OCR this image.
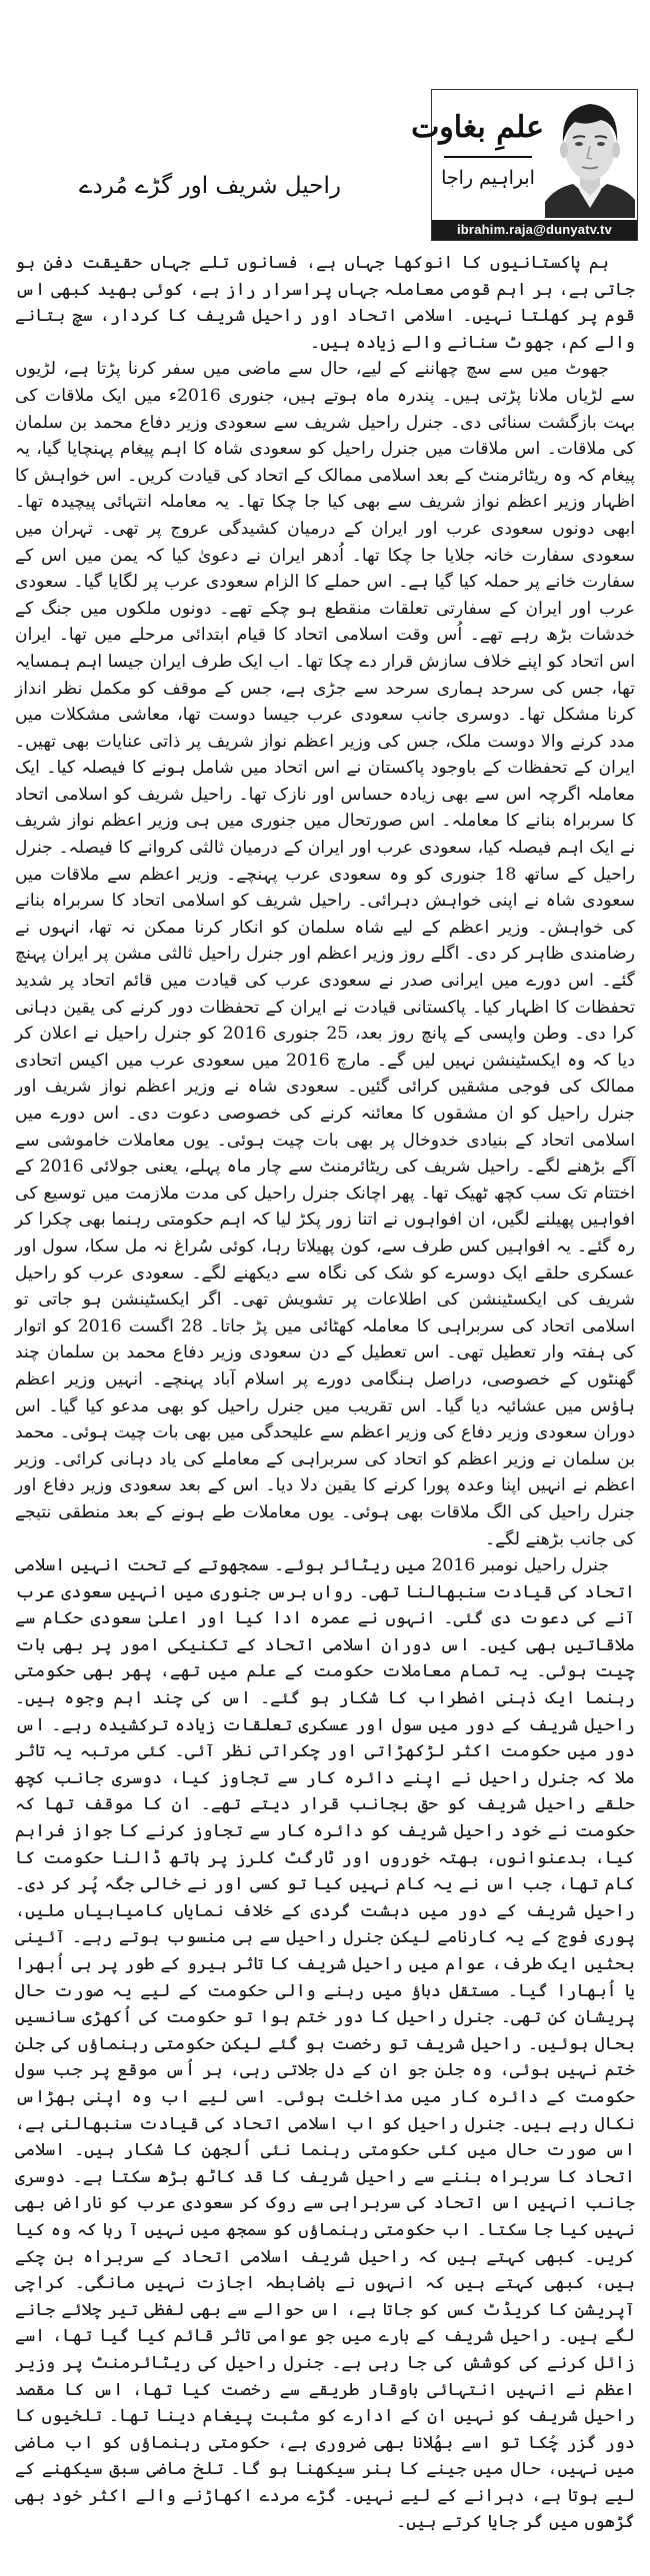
علمِ بغاوت
ابراہیم راجا
ibrahim.raja@dunyatv.tv
راحیل شریف اور گڑے مُردے

ہم پاکستانیوں کا انوکھا جہاں ہے، فسانوں تلے جہاں حقیقت دفن ہو جاتی ہے، ہر اہم قومی معاملہ جہاں پراسرار راز ہے، کوئی بھید کبھی اس قوم پر کھلتا نہیں۔ اسلامی اتحاد اور راحیل شریف کا کردار، سچ بتانے والے کم، جھوٹ سنانے والے زیادہ ہیں۔

جھوٹ میں سے سچ چھاننے کے لیے، حال سے ماضی میں سفر کرنا پڑتا ہے، لڑیوں سے لڑیاں ملانا پڑتی ہیں۔ پندرہ ماہ ہوتے ہیں، جنوری 2016ء میں ایک ملاقات کی بہت بازگشت سنائی دی۔ جنرل راحیل شریف سے سعودی وزیر دفاع محمد بن سلمان کی ملاقات۔ اس ملاقات میں جنرل راحیل کو سعودی شاہ کا اہم پیغام پہنچایا گیا، یہ پیغام کہ وہ ریٹائرمنٹ کے بعد اسلامی ممالک کے اتحاد کی قیادت کریں۔ اس خواہش کا اظہار وزیر اعظم نواز شریف سے بھی کیا جا چکا تھا۔ یہ معاملہ انتہائی پیچیدہ تھا۔ ابھی دونوں سعودی عرب اور ایران کے درمیان کشیدگی عروج پر تھی۔ تہران میں سعودی سفارت خانہ جلایا جا چکا تھا۔ اُدھر ایران نے دعویٰ کیا کہ یمن میں اس کے سفارت خانے پر حملہ کیا گیا ہے۔ اس حملے کا الزام سعودی عرب پر لگایا گیا۔ سعودی عرب اور ایران کے سفارتی تعلقات منقطع ہو چکے تھے۔ دونوں ملکوں میں جنگ کے خدشات بڑھ رہے تھے۔ اُس وقت اسلامی اتحاد کا قیام ابتدائی مرحلے میں تھا۔ ایران اس اتحاد کو اپنے خلاف سازش قرار دے چکا تھا۔ اب ایک طرف ایران جیسا اہم ہمسایہ تھا، جس کی سرحد ہماری سرحد سے جڑی ہے، جس کے موقف کو مکمل نظر انداز کرنا مشکل تھا۔ دوسری جانب سعودی عرب جیسا دوست تھا، معاشی مشکلات میں مدد کرنے والا دوست ملک، جس کی وزیر اعظم نواز شریف پر ذاتی عنایات بھی تھیں۔ ایران کے تحفظات کے باوجود پاکستان نے اس اتحاد میں شامل ہونے کا فیصلہ کیا۔ ایک معاملہ اگرچہ اس سے بھی زیادہ حساس اور نازک تھا۔ راحیل شریف کو اسلامی اتحاد کا سربراہ بنانے کا معاملہ۔ اس صورتحال میں جنوری میں ہی وزیر اعظم نواز شریف نے ایک اہم فیصلہ کیا، سعودی عرب اور ایران کے درمیان ثالثی کروانے کا فیصلہ۔ جنرل راحیل کے ساتھ 18 جنوری کو وہ سعودی عرب پہنچے۔ وزیر اعظم سے ملاقات میں سعودی شاہ نے اپنی خواہش دہرائی۔ راحیل شریف کو اسلامی اتحاد کا سربراہ بنانے کی خواہش۔ وزیر اعظم کے لیے شاہ سلمان کو انکار کرنا ممکن نہ تھا، انہوں نے رضامندی ظاہر کر دی۔ اگلے روز وزیر اعظم اور جنرل راحیل ثالثی مشن پر ایران پہنچ گئے۔ اس دورے میں ایرانی صدر نے سعودی عرب کی قیادت میں قائم اتحاد پر شدید تحفظات کا اظہار کیا۔ پاکستانی قیادت نے ایران کے تحفظات دور کرنے کی یقین دہانی کرا دی۔ وطن واپسی کے پانچ روز بعد، 25 جنوری 2016 کو جنرل راحیل نے اعلان کر دیا کہ وہ ایکسٹینشن نہیں لیں گے۔ مارچ 2016 میں سعودی عرب میں اکیس اتحادی ممالک کی فوجی مشقیں کرائی گئیں۔ سعودی شاہ نے وزیر اعظم نواز شریف اور جنرل راحیل کو ان مشقوں کا معائنہ کرنے کی خصوصی دعوت دی۔ اس دورے میں اسلامی اتحاد کے بنیادی خدوخال پر بھی بات چیت ہوئی۔ یوں معاملات خاموشی سے آگے بڑھنے لگے۔ راحیل شریف کی ریٹائرمنٹ سے چار ماہ پہلے، یعنی جولائی 2016 کے اختتام تک سب کچھ ٹھیک تھا۔ پھر اچانک جنرل راحیل کی مدت ملازمت میں توسیع کی افواہیں پھیلنے لگیں، ان افواہوں نے اتنا زور پکڑ لیا کہ اہم حکومتی رہنما بھی چکرا کر رہ گئے۔ یہ افواہیں کس طرف سے، کون پھیلاتا رہا، کوئی سُراغ نہ مل سکا، سول اور عسکری حلقے ایک دوسرے کو شک کی نگاہ سے دیکھنے لگے۔ سعودی عرب کو راحیل شریف کی ایکسٹینشن کی اطلاعات پر تشویش تھی۔ اگر ایکسٹینشن ہو جاتی تو اسلامی اتحاد کی سربراہی کا معاملہ کھٹائی میں پڑ جاتا۔ 28 اگست 2016 کو اتوار کی ہفتہ وار تعطیل تھی۔ اس تعطیل کے دن سعودی وزیر دفاع محمد بن سلمان چند گھنٹوں کے خصوصی، دراصل ہنگامی دورے پر اسلام آباد پہنچے۔ انہیں وزیر اعظم ہاؤس میں عشائیہ دیا گیا۔ اس تقریب میں جنرل راحیل کو بھی مدعو کیا گیا۔ اس دوران سعودی وزیر دفاع کی وزیر اعظم سے علیحدگی میں بھی بات چیت ہوئی۔ محمد بن سلمان نے وزیر اعظم کو اتحاد کی سربراہی کے معاملے کی یاد دہانی کرائی۔ وزیر اعظم نے انہیں اپنا وعدہ پورا کرنے کا یقین دلا دیا۔ اس کے بعد سعودی وزیر دفاع اور جنرل راحیل کی الگ ملاقات بھی ہوئی۔ یوں معاملات طے ہونے کے بعد منطقی نتیجے کی جانب بڑھنے لگے۔

جنرل راحیل نومبر 2016 میں ریٹائر ہوئے۔ سمجھوتے کے تحت انہیں اسلامی اتحاد کی قیادت سنبھالنا تھی۔ رواں برس جنوری میں انہیں سعودی عرب آنے کی دعوت دی گئی۔ انہوں نے عمرہ ادا کیا اور اعلیٰ سعودی حکام سے ملاقاتیں بھی کیں۔ اس دوران اسلامی اتحاد کے تکنیکی امور پر بھی بات چیت ہوئی۔ یہ تمام معاملات حکومت کے علم میں تھے، پھر بھی حکومتی رہنما ایک ذہنی اضطراب کا شکار ہو گئے۔ اس کی چند اہم وجوہ ہیں۔ راحیل شریف کے دور میں سول اور عسکری تعلقات زیادہ ترکشیدہ رہے۔ اس دور میں حکومت اکثر لڑکھڑاتی اور چکراتی نظر آئی۔ کئی مرتبہ یہ تاثر ملا کہ جنرل راحیل نے اپنے دائرہ کار سے تجاوز کیا، دوسری جانب کچھ حلقے راحیل شریف کو حق بجانب قرار دیتے تھے۔ ان کا موقف تھا کہ حکومت نے خود راحیل شریف کو دائرہ کار سے تجاوز کرنے کا جواز فراہم کیا، بدعنوانوں، بھتہ خوروں اور ٹارگٹ کلرز پر ہاتھ ڈالنا حکومت کا کام تھا، جب اس نے یہ کام نہیں کیا تو کسی اور نے خالی جگہ پُر کر دی۔ راحیل شریف کے دور میں دہشت گردی کے خلاف نمایاں کامیابیاں ملیں، پوری فوج کے یہ کارنامے لیکن جنرل راحیل سے ہی منسوب ہوتے رہے۔ آئینی بحثیں ایک طرف، عوام میں راحیل شریف کا تاثر ہیرو کے طور پر ہی اُبھرا یا اُبھارا گیا۔ مستقل دباؤ میں رہنے والی حکومت کے لیے یہ صورت حال پریشان کن تھی۔ جنرل راحیل کا دور ختم ہوا تو حکومت کی اُکھڑی سانسیں بحال ہوئیں۔ راحیل شریف تو رخصت ہو گئے لیکن حکومتی رہنماؤں کی جلن ختم نہیں ہوئی، وہ جلن جو ان کے دل جلاتی رہی، ہر اُس موقع پر جب سول حکومت کے دائرہ کار میں مداخلت ہوئی۔ اسی لیے اب وہ اپنی بھڑاس نکال رہے ہیں۔ جنرل راحیل کو اب اسلامی اتحاد کی قیادت سنبھالنی ہے، اس صورت حال میں کئی حکومتی رہنما نئی اُلجھن کا شکار ہیں۔ اسلامی اتحاد کا سربراہ بننے سے راحیل شریف کا قد کاٹھ بڑھ سکتا ہے۔ دوسری جانب انہیں اس اتحاد کی سربراہی سے روک کر سعودی عرب کو ناراض بھی نہیں کیا جا سکتا۔ اب حکومتی رہنماؤں کو سمجھ میں نہیں آ رہا کہ وہ کیا کریں۔ کبھی کہتے ہیں کہ راحیل شریف اسلامی اتحاد کے سربراہ بن چکے ہیں، کبھی کہتے ہیں کہ انہوں نے باضابطہ اجازت نہیں مانگی۔ کراچی آپریشن کا کریڈٹ کس کو جاتا ہے، اس حوالے سے بھی لفظی تیر چلائے جانے لگے ہیں۔ راحیل شریف کے بارے میں جو عوامی تاثر قائم کیا گیا تھا، اسے زائل کرنے کی کوشش کی جا رہی ہے۔ جنرل راحیل کی ریٹائرمنٹ پر وزیر اعظم نے انہیں انتہائی باوقار طریقے سے رخصت کیا تھا، اس کا مقصد راحیل شریف کو نہیں ان کے ادارے کو مثبت پیغام دینا تھا۔ تلخیوں کا دور گزر چُکا تو اسے بھُلانا بھی ضروری ہے، حکومتی رہنماؤں کو اب ماضی میں نہیں، حال میں جینے کا ہنر سیکھنا ہو گا۔ تلخ ماضی سبق سیکھنے کے لیے ہوتا ہے، دہرانے کے لیے نہیں۔ گڑے مردے اکھاڑنے والے اکثر خود بھی گڑھوں میں گر جایا کرتے ہیں۔
